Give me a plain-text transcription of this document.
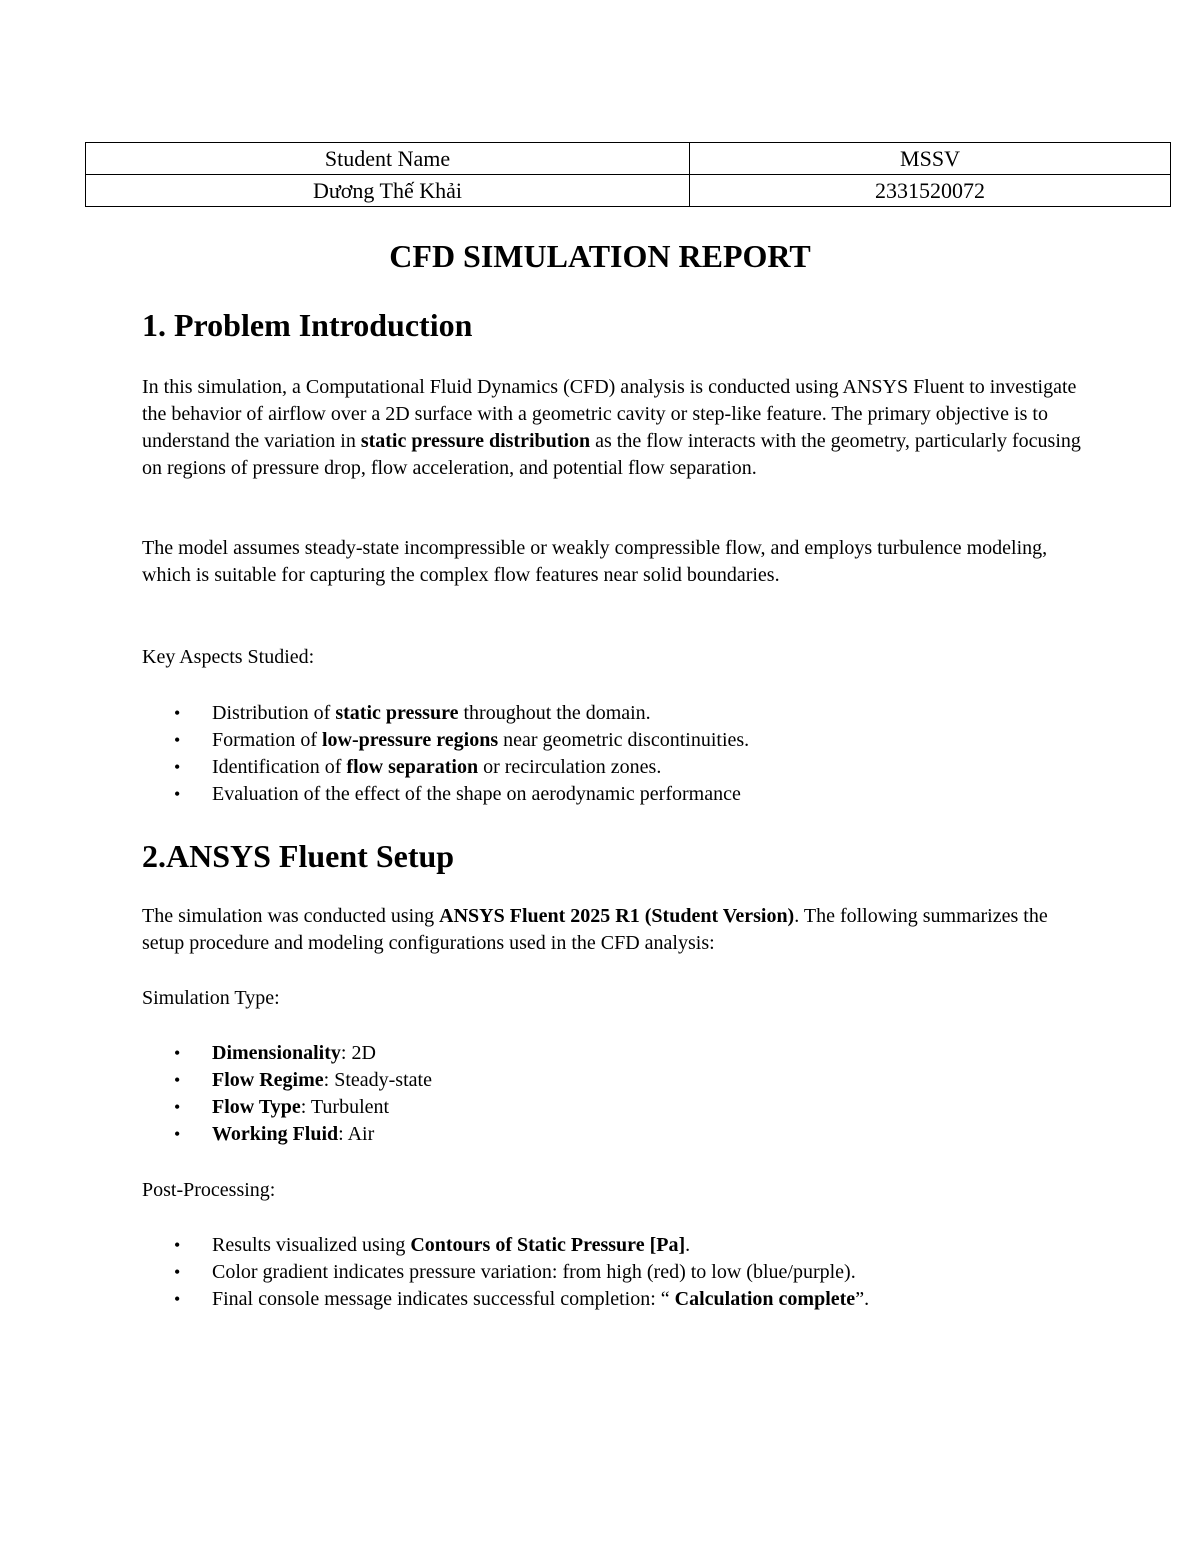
Student Name	MSSV
Dương Thế Khải	2331520072
CFD SIMULATION REPORT
1. Problem Introduction

In this simulation, a Computational Fluid Dynamics (CFD) analysis is conducted using ANSYS Fluent to investigate the behavior of airflow over a 2D surface with a geometric cavity or step-like feature. The primary objective is to understand the variation in static pressure distribution as the flow interacts with the geometry, particularly focusing on regions of pressure drop, flow acceleration, and potential flow separation.

The model assumes steady-state incompressible or weakly compressible flow, and employs turbulence modeling, which is suitable for capturing the complex flow features near solid boundaries.

Key Aspects Studied:

• Distribution of static pressure throughout the domain.
• Formation of low-pressure regions near geometric discontinuities.
• Identification of flow separation or recirculation zones.
• Evaluation of the effect of the shape on aerodynamic performance
2.ANSYS Fluent Setup

The simulation was conducted using ANSYS Fluent 2025 R1 (Student Version). The following summarizes the setup procedure and modeling configurations used in the CFD analysis:

Simulation Type:

• Dimensionality: 2D
• Flow Regime: Steady-state
• Flow Type: Turbulent
• Working Fluid: Air

Post-Processing:

• Results visualized using Contours of Static Pressure [Pa].
• Color gradient indicates pressure variation: from high (red) to low (blue/purple).
• Final console message indicates successful completion: “ Calculation complete”.
